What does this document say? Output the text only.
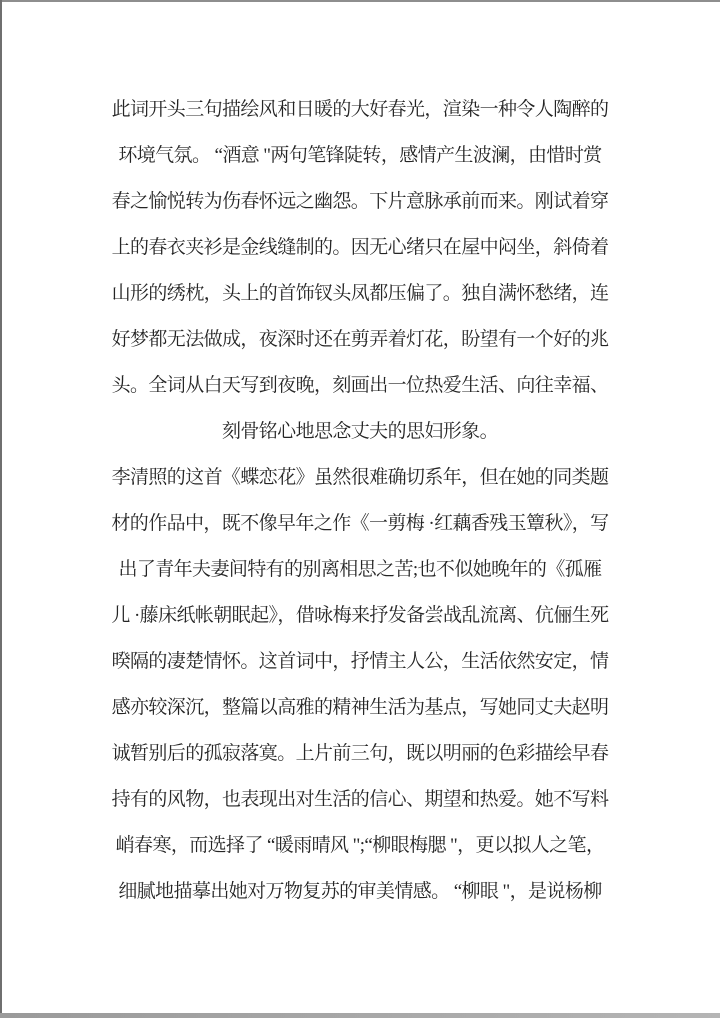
此词开头三句描绘风和日暖的大好春光，渲染一种令人陶醉的
环境气氛。 “酒意 "两句笔锋陡转，感情产生波澜，由惜时赏
春之愉悦转为伤春怀远之幽怨。下片意脉承前而来。刚试着穿
上的春衣夹衫是金线缝制的。因无心绪只在屋中闷坐，斜倚着
山形的绣枕，头上的首饰钗头凤都压偏了。独自满怀愁绪，连
好梦都无法做成，夜深时还在剪弄着灯花，盼望有一个好的兆
头。全词从白天写到夜晚，刻画出一位热爱生活、向往幸福、
刻骨铭心地思念丈夫的思妇形象。
李清照的这首《蝶恋花》虽然很难确切系年，但在她的同类题
材的作品中，既不像早年之作《一剪梅 ·红藕香残玉簟秋》，写
出了青年夫妻间特有的别离相思之苦;也不似她晚年的《孤雁
儿 ·藤床纸帐朝眠起》，借咏梅来抒发备尝战乱流离、伉俪生死
暌隔的凄楚情怀。这首词中，抒情主人公，生活依然安定，情
感亦较深沉，整篇以高雅的精神生活为基点，写她同丈夫赵明
诚暂别后的孤寂落寞。上片前三句，既以明丽的色彩描绘早春
持有的风物，也表现出对生活的信心、期望和热爱。她不写料
峭春寒，而选择了 “暖雨晴风 ";“柳眼梅腮 "，更以拟人之笔，
细腻地描摹出她对万物复苏的审美情感。 “柳眼 "，是说杨柳
